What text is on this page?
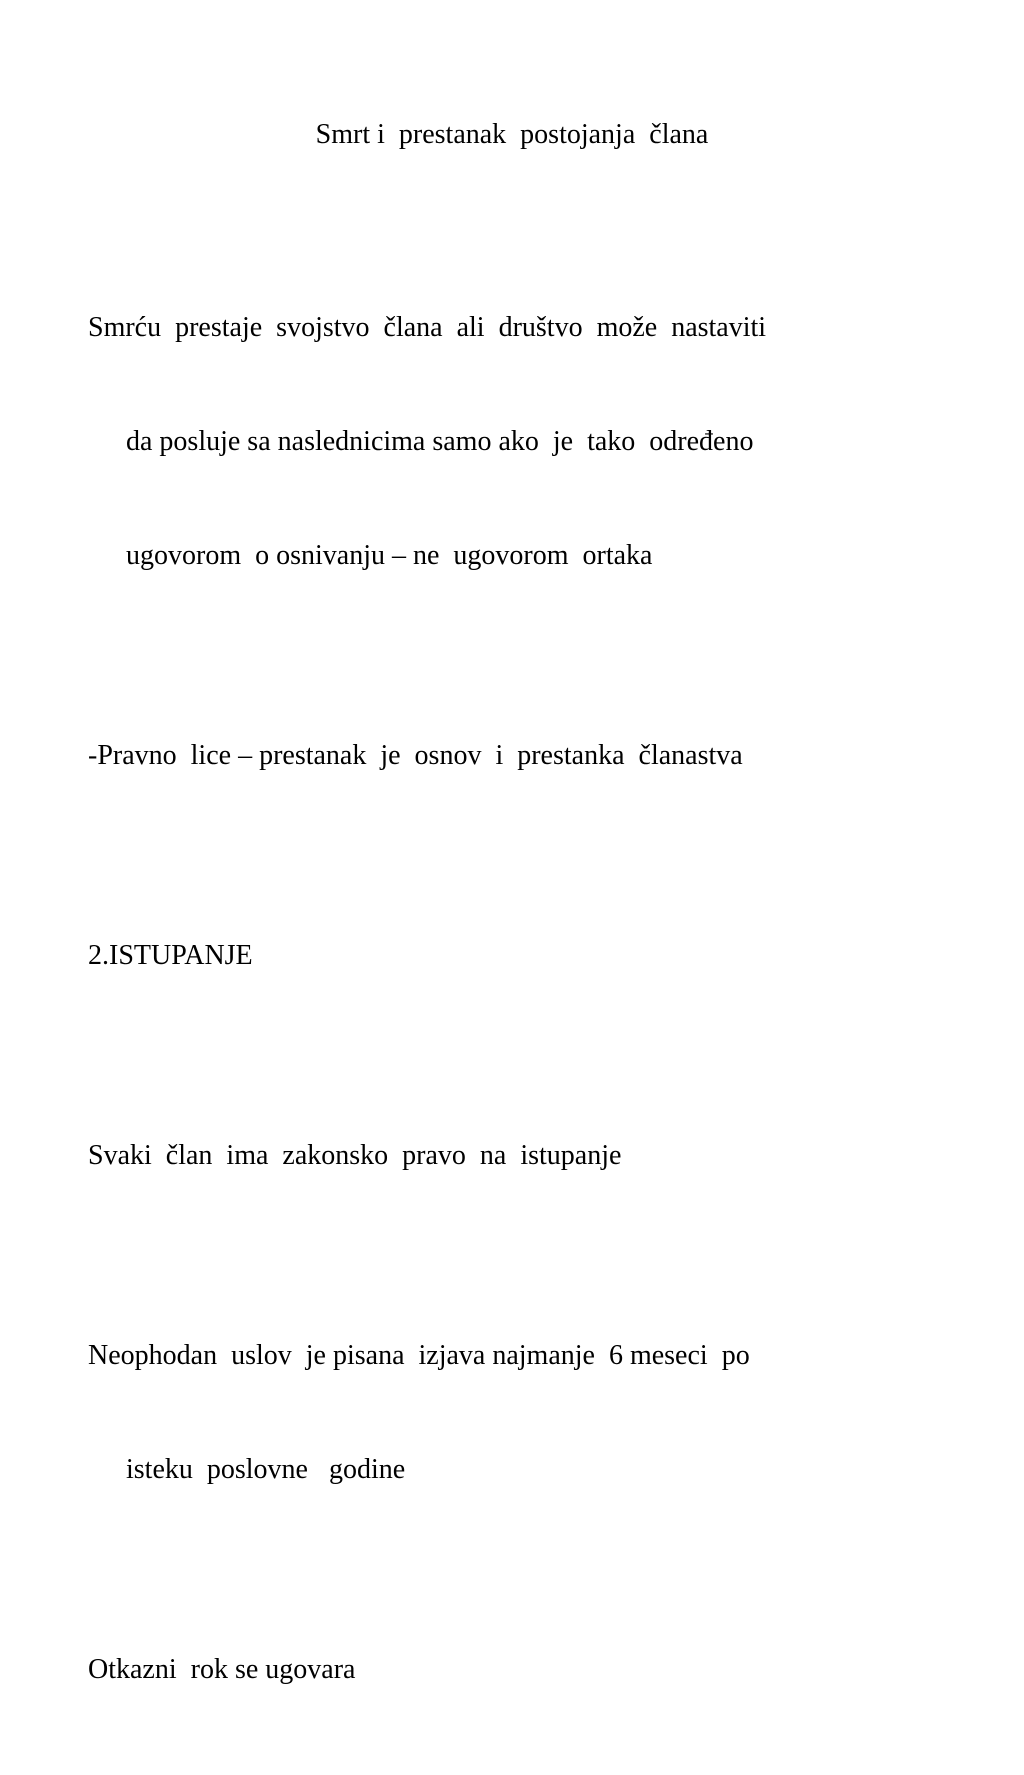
Smrt i  prestanak  postojanja  člana

Smrću  prestaje  svojstvo  člana  ali  društvo  može  nastaviti

da posluje sa naslednicima samo ako  je  tako  određeno

ugovorom  o osnivanju – ne  ugovorom  ortaka

-Pravno  lice – prestanak  je  osnov  i  prestanka  članastva

2.ISTUPANJE

Svaki  član  ima  zakonsko  pravo  na  istupanje

Neophodan  uslov  je pisana  izjava najmanje  6 meseci  po

isteku  poslovne   godine

Otkazni  rok se ugovara
